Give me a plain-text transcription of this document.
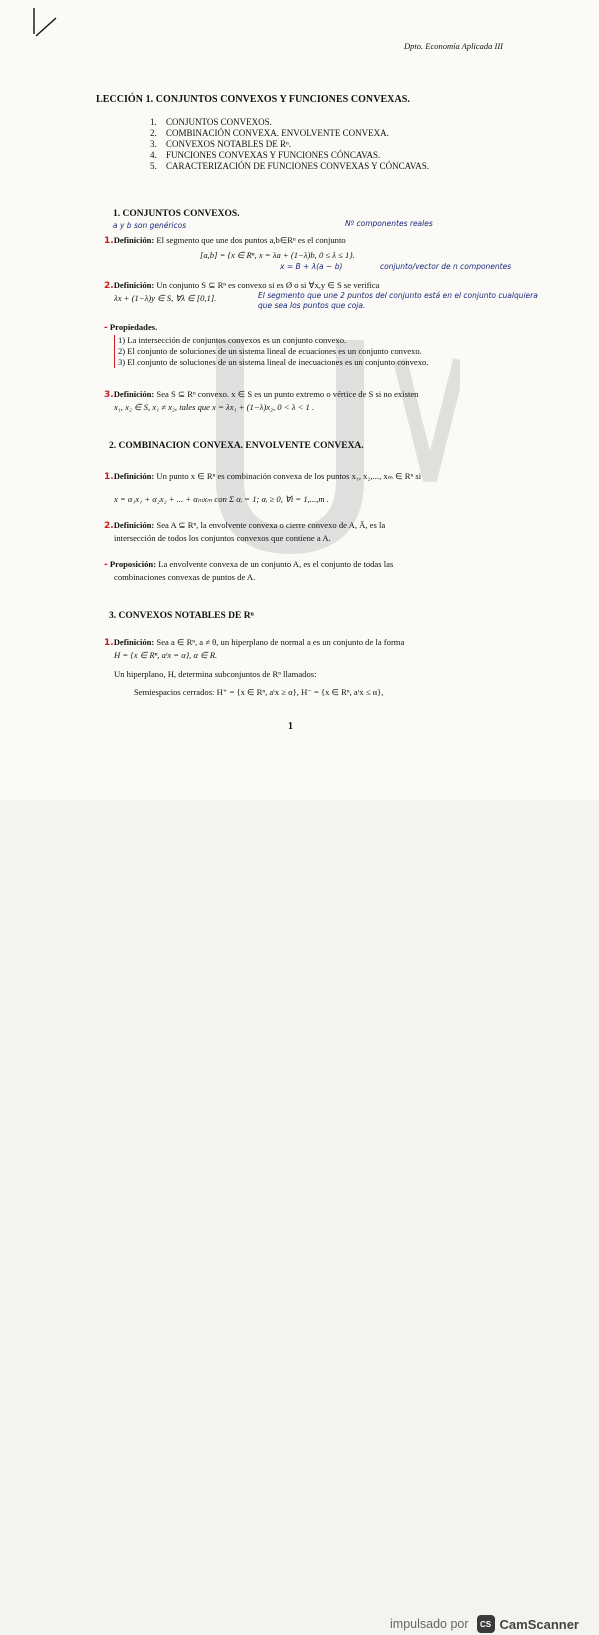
Dpto. Economía Aplicada III
LECCIÓN 1. CONJUNTOS CONVEXOS Y FUNCIONES CONVEXAS.
1. CONJUNTOS CONVEXOS.
2. COMBINACIÓN CONVEXA. ENVOLVENTE CONVEXA.
3. CONVEXOS NOTABLES DE Rⁿ.
4. FUNCIONES CONVEXAS Y FUNCIONES CÓNCAVAS.
5. CARACTERIZACIÓN DE FUNCIONES CONVEXAS Y CÓNCAVAS.
1. CONJUNTOS CONVEXOS.
a y b son genéricos	Nº componentes reales
1.Definición: El segmento que une dos puntos a,b∈Rⁿ es el conjunto
[a,b] = {x ∈ Rⁿ, x = λa + (1−λ)b, 0 ≤ λ ≤ 1}.
x = B + λ(a − b)	conjunto/vector de n componentes
2.Definición: Un conjunto S ⊆ Rⁿ es convexo si es Ø o si ∀x,y ∈ S se verifica
λx + (1−λ)y ∈ S, ∀λ ∈ [0,1].	El segmento que une 2 puntos del conjunto está en el conjunto cualquiera que sea los puntos que coja.
- Propiedades.
1) La intersección de conjuntos convexos es un conjunto convexo.
2) El conjunto de soluciones de un sistema lineal de ecuaciones es un conjunto convexo.
3) El conjunto de soluciones de un sistema lineal de inecuaciones es un conjunto convexo.
3.Definición: Sea S ⊆ Rⁿ convexo. x ∈ S es un punto extremo o vértice de S si no existen
x₁, x₂ ∈ S, x₁ ≠ x₂, tales que x = λx₁ + (1−λ)x₂, 0 < λ < 1 .
2. COMBINACION CONVEXA. ENVOLVENTE CONVEXA.
1.Definición: Un punto x ∈ Rⁿ es combinación convexa de los puntos x₁, x₂,..., xₘ ∈ Rⁿ si
x = α₁x₁ + α₂x₂ + ... + αₘxₘ con Σ αᵢ = 1; αᵢ ≥ 0, ∀i = 1,...,m .
2.Definición: Sea A ⊆ Rⁿ, la envolvente convexa o cierre convexo de A, Ā, es la
intersección de todos los conjuntos convexos que contiene a A.
- Proposición: La envolvente convexa de un conjunto A, es el conjunto de todas las
combinaciones convexas de puntos de A.
3. CONVEXOS NOTABLES DE Rⁿ
1.Definición: Sea a ∈ Rⁿ, a ≠ θ, un hiperplano de normal a es un conjunto de la forma
H = {x ∈ Rⁿ, aᵗx = α}, α ∈ R.
Un hiperplano, H, determina subconjuntos de Rⁿ llamados:
Semiespacios cerrados: H⁺ = {x ∈ Rⁿ, aᵗx ≥ α}, H⁻ = {x ∈ Rⁿ, aᵗx ≤ α},
1
impulsado por	CS CamScanner
